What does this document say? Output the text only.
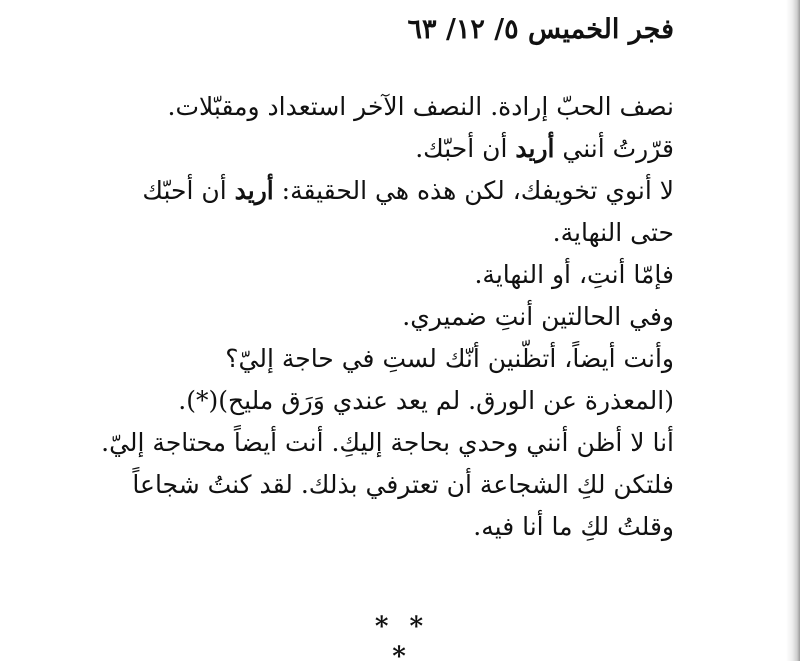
فجر الخميس ٥/ ١٢/ ٦٣
نصف الحبّ إرادة. النصف الآخر استعداد ومقبّلات.
قرّرتُ أنني أريد أن أحبّك.
لا أنوي تخويفك، لكن هذه هي الحقيقة: أريد أن أحبّك
حتى النهاية.
فإمّا أنتِ، أو النهاية.
وفي الحالتين أنتِ ضميري.
وأنت أيضاً، أتظّنين أنّك لستِ في حاجة إليّ؟
(المعذرة عن الورق. لم يعد عندي وَرَق مليح)(*).
أنا لا أظن أنني وحدي بحاجة إليكِ. أنت أيضاً محتاجة إليّ.
فلتكن لكِ الشجاعة أن تعترفي بذلك. لقد كنتُ شجاعاً
وقلتُ لكِ ما أنا فيه.
* * *
